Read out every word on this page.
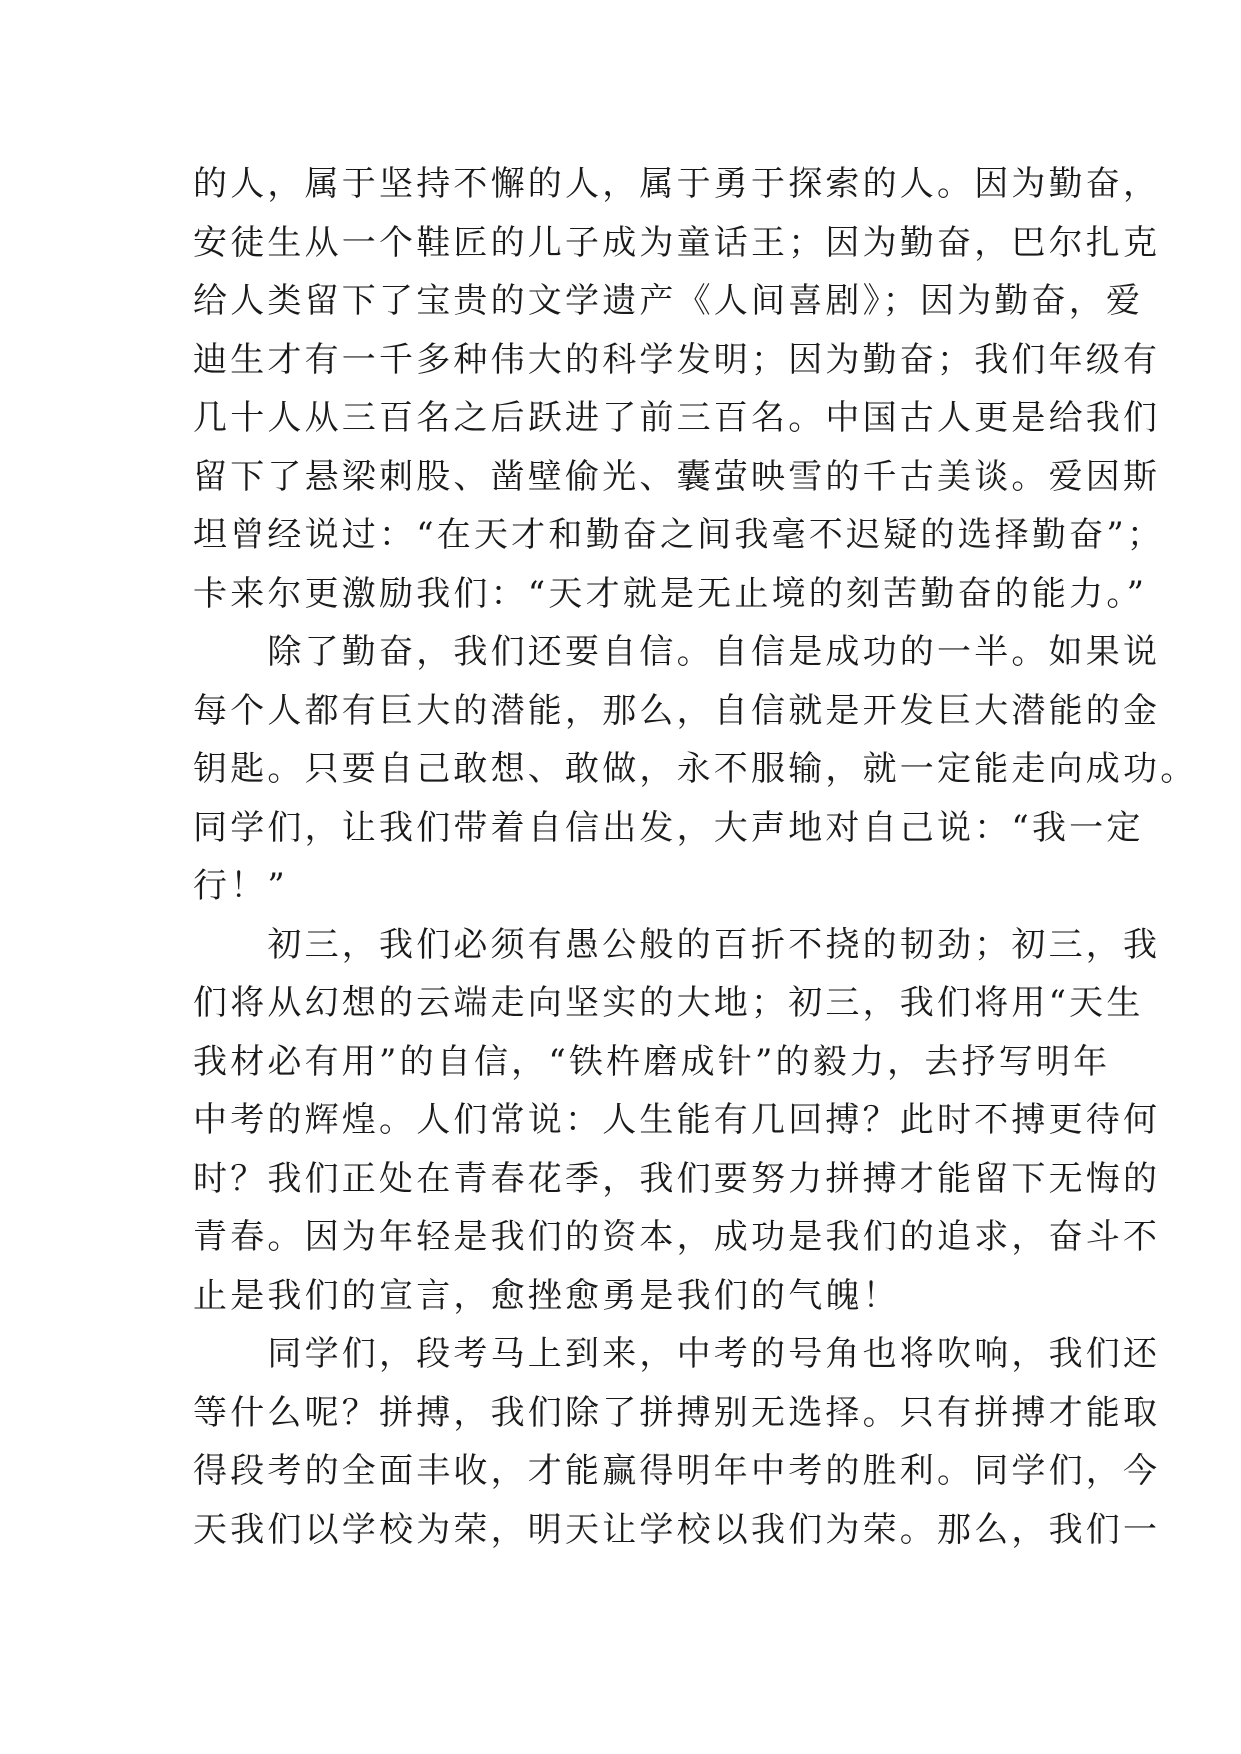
的人，属于坚持不懈的人，属于勇于探索的人。因为勤奋，
安徒生从一个鞋匠的儿子成为童话王；因为勤奋，巴尔扎克
给人类留下了宝贵的文学遗产《人间喜剧》；因为勤奋，爱
迪生才有一千多种伟大的科学发明；因为勤奋；我们年级有
几十人从三百名之后跃进了前三百名。中国古人更是给我们
留下了悬梁刺股、凿壁偷光、囊萤映雪的千古美谈。爱因斯
坦曾经说过：“在天才和勤奋之间我毫不迟疑的选择勤奋”；
卡来尔更激励我们：“天才就是无止境的刻苦勤奋的能力。”
　　除了勤奋，我们还要自信。自信是成功的一半。如果说
每个人都有巨大的潜能，那么，自信就是开发巨大潜能的金
钥匙。只要自己敢想、敢做，永不服输，就一定能走向成功。
同学们，让我们带着自信出发，大声地对自己说：“我一定
行！”
　　初三，我们必须有愚公般的百折不挠的韧劲；初三，我
们将从幻想的云端走向坚实的大地；初三，我们将用“天生
我材必有用”的自信，“铁杵磨成针”的毅力，去抒写明年
中考的辉煌。人们常说：人生能有几回搏？此时不搏更待何
时？我们正处在青春花季，我们要努力拼搏才能留下无悔的
青春。因为年轻是我们的资本，成功是我们的追求，奋斗不
止是我们的宣言，愈挫愈勇是我们的气魄！
　　同学们，段考马上到来，中考的号角也将吹响，我们还
等什么呢？拼搏，我们除了拼搏别无选择。只有拼搏才能取
得段考的全面丰收，才能赢得明年中考的胜利。同学们，今
天我们以学校为荣，明天让学校以我们为荣。那么，我们一
